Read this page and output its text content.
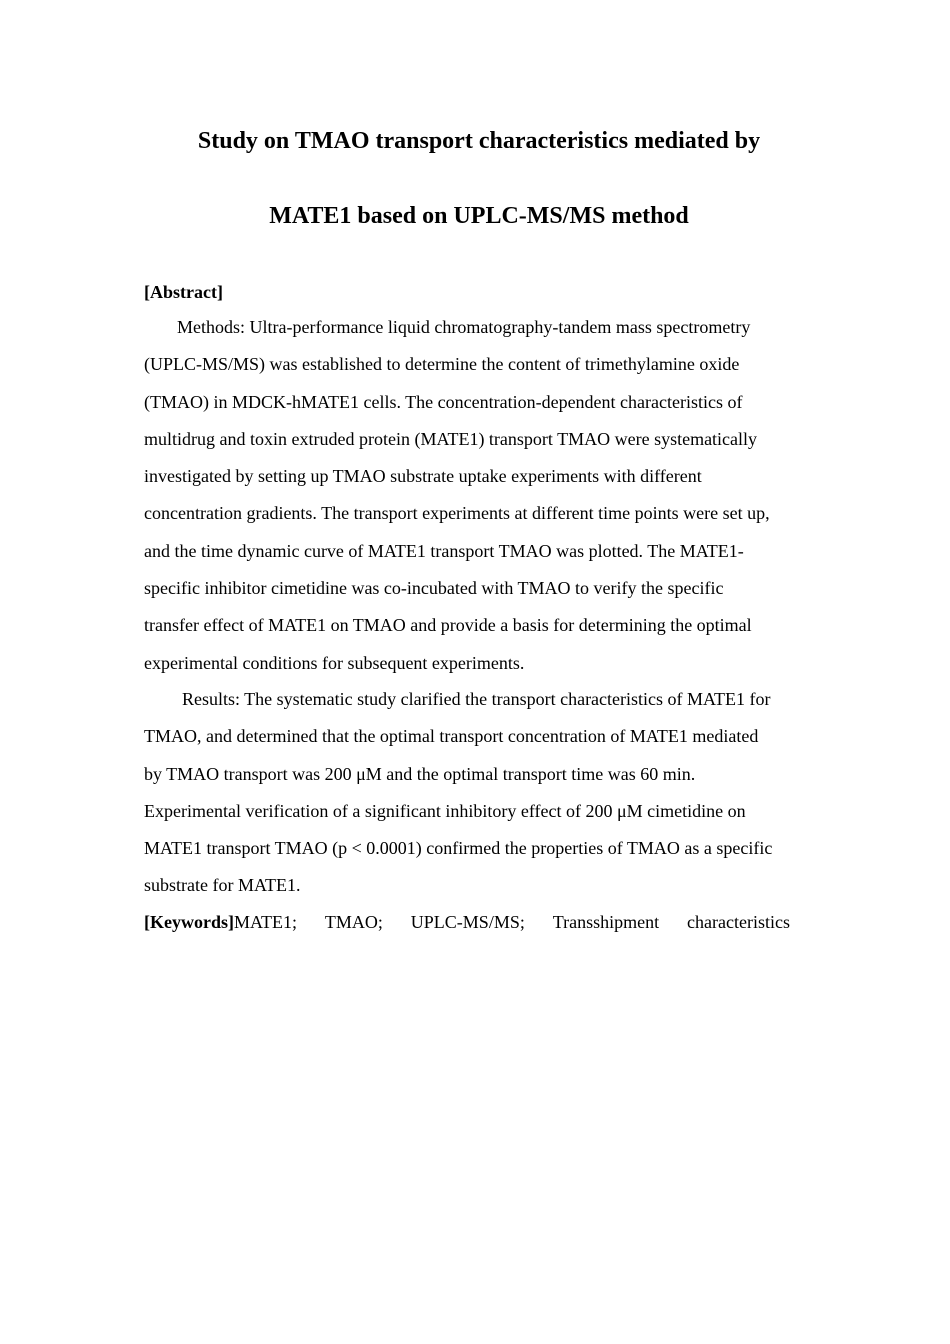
Study on TMAO transport characteristics mediated by
MATE1 based on UPLC-MS/MS method
[Abstract]
Methods: Ultra-performance liquid chromatography-tandem mass spectrometry
(UPLC-MS/MS) was established to determine the content of trimethylamine oxide
(TMAO) in MDCK-hMATE1 cells. The concentration-dependent characteristics of
multidrug and toxin extruded protein (MATE1) transport TMAO were systematically
investigated by setting up TMAO substrate uptake experiments with different
concentration gradients. The transport experiments at different time points were set up,
and the time dynamic curve of MATE1 transport TMAO was plotted. The MATE1-
specific inhibitor cimetidine was co-incubated with TMAO to verify the specific
transfer effect of MATE1 on TMAO and provide a basis for determining the optimal
experimental conditions for subsequent experiments.
Results: The systematic study clarified the transport characteristics of MATE1 for
TMAO, and determined that the optimal transport concentration of MATE1 mediated
by TMAO transport was 200 μM and the optimal transport time was 60 min.
Experimental verification of a significant inhibitory effect of 200 μM cimetidine on
MATE1 transport TMAO (p < 0.0001) confirmed the properties of TMAO as a specific
substrate for MATE1.
[Keywords]MATE1; TMAO; UPLC-MS/MS; Transshipment characteristics
